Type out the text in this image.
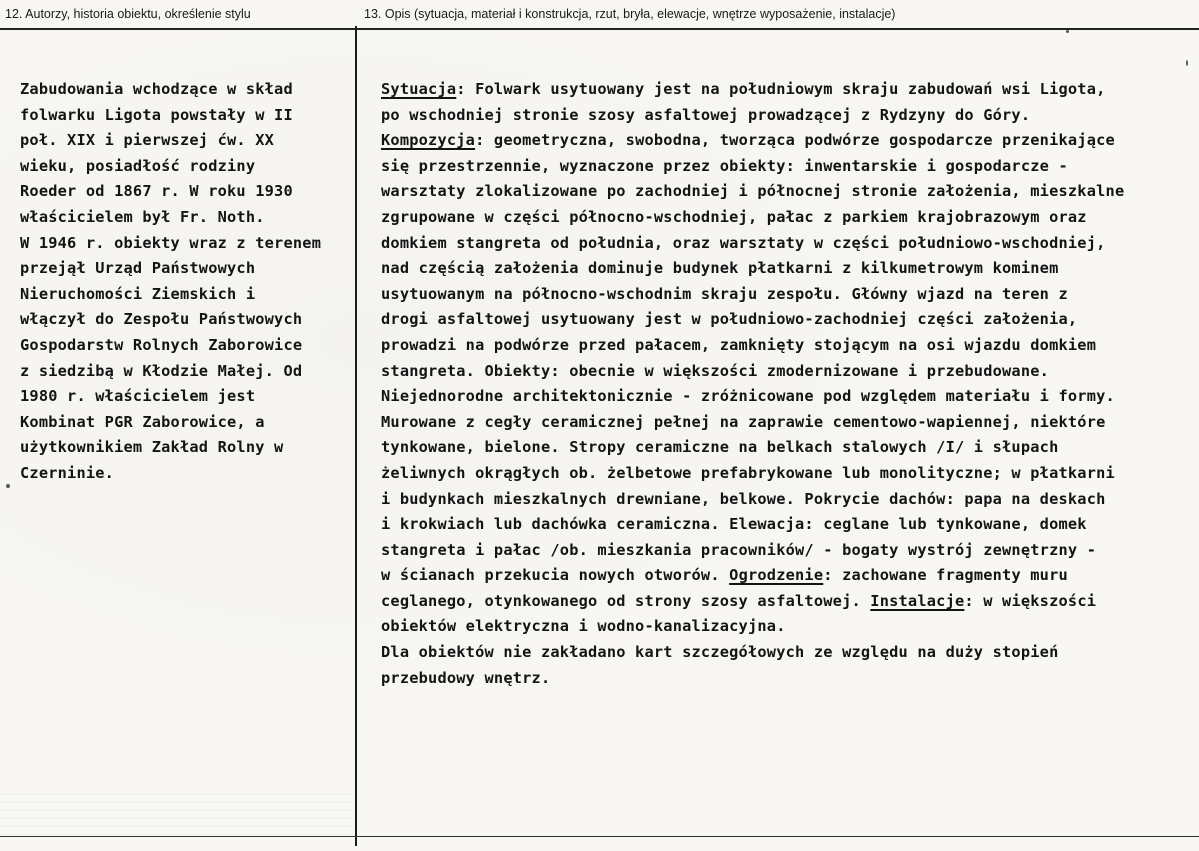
12. Autorzy, historia obiektu, określenie stylu	13. Opis (sytuacja, materiał i konstrukcja, rzut, bryła, elewacje, wnętrze wyposażenie, instalacje)
Zabudowania wchodzące w skład
folwarku Ligota powstały w II
poł. XIX i pierwszej ćw. XX
wieku, posiadłość rodziny
Roeder od 1867 r. W roku 1930
właścicielem był Fr. Noth.
W 1946 r. obiekty wraz z terenem
przejął Urząd Państwowych
Nieruchomości Ziemskich i
włączył do Zespołu Państwowych
Gospodarstw Rolnych Zaborowice
z siedzibą w Kłodzie Małej. Od
1980 r. właścicielem jest
Kombinat PGR Zaborowice, a
użytkownikiem Zakład Rolny w
Czerninie.
Sytuacja: Folwark usytuowany jest na południowym skraju zabudowań wsi Ligota,
po wschodniej stronie szosy asfaltowej prowadzącej z Rydzyny do Góry.
Kompozycja: geometryczna, swobodna, tworząca podwórze gospodarcze przenikające
się przestrzennie, wyznaczone przez obiekty: inwentarskie i gospodarcze -
warsztaty zlokalizowane po zachodniej i północnej stronie założenia, mieszkalne
zgrupowane w części północno-wschodniej, pałac z parkiem krajobrazowym oraz
domkiem stangreta od południa, oraz warsztaty w części południowo-wschodniej,
nad częścią założenia dominuje budynek płatkarni z kilkumetrowym kominem
usytuowanym na północno-wschodnim skraju zespołu. Główny wjazd na teren z
drogi asfaltowej usytuowany jest w południowo-zachodniej części założenia,
prowadzi na podwórze przed pałacem, zamknięty stojącym na osi wjazdu domkiem
stangreta. Obiekty: obecnie w większości zmodernizowane i przebudowane.
Niejednorodne architektonicznie - zróżnicowane pod względem materiału i formy.
Murowane z cegły ceramicznej pełnej na zaprawie cementowo-wapiennej, niektóre
tynkowane, bielone. Stropy ceramiczne na belkach stalowych /I/ i słupach
żeliwnych okrągłych ob. żelbetowe prefabrykowane lub monolityczne; w płatkarni
i budynkach mieszkalnych drewniane, belkowe. Pokrycie dachów: papa na deskach
i krokwiach lub dachówka ceramiczna. Elewacja: ceglane lub tynkowane, domek
stangreta i pałac /ob. mieszkania pracowników/ - bogaty wystrój zewnętrzny -
w ścianach przekucia nowych otworów. Ogrodzenie: zachowane fragmenty muru
ceglanego, otynkowanego od strony szosy asfaltowej. Instalacje: w większości
obiektów elektryczna i wodno-kanalizacyjna.
Dla obiektów nie zakładano kart szczegółowych ze względu na duży stopień
przebudowy wnętrz.
